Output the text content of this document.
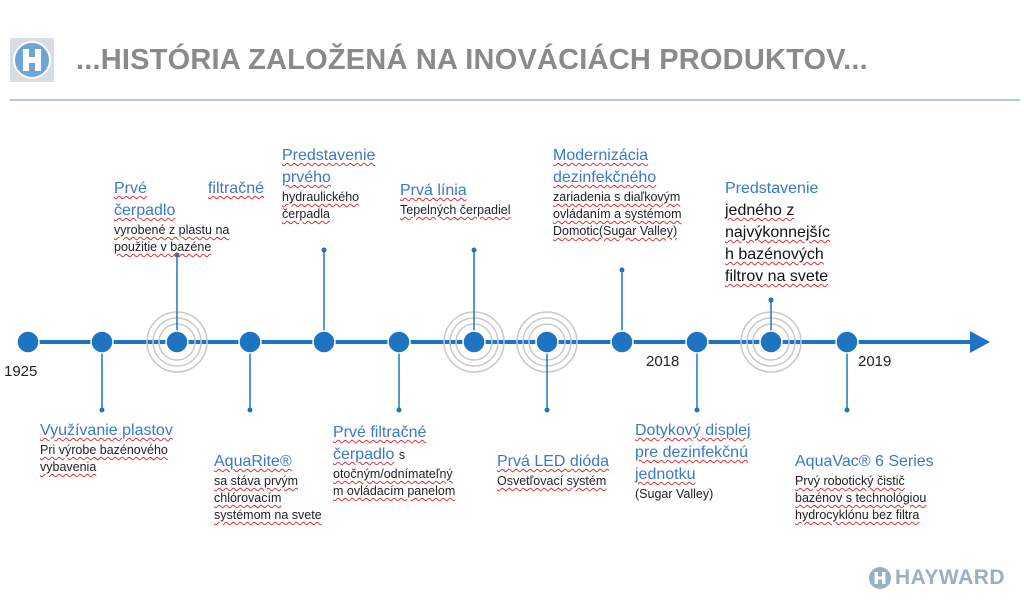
...HISTÓRIA ZALOŽENÁ NA INOVÁCIÁCH PRODUKTOV...
1925
2018	2019
Využívanie plastov
Pri výrobe bazénového
vybavenia
Prvé	filtračné
čerpadlo
vyrobené z plastu na
použitie v bazéne
AquaRite®
sa stáva prvým
chlórovacím
systémom na svete
Predstavenie
prvého
hydraulického
čerpadla
Prvé filtračné
čerpadlo s
otočným/odnímateľný
m ovládacím panelom
Prvá línia
Tepelných čerpadiel
Prvá LED dióda
Osvetľovací systém
Modernizácia
dezinfekčného
zariadenia s diaľkovým
ovládaním a systémom
Domotic(Sugar Valley)
Dotykový displej
pre dezinfekčnú
jednotku
(Sugar Valley)
Predstavenie
jedného z
najvýkonnejšíc
h bazénových
filtrov na svete
AquaVac® 6 Series
Prvý robotický čistič
bazénov s technológiou
hydrocyklónu bez filtra
HAYWARD
